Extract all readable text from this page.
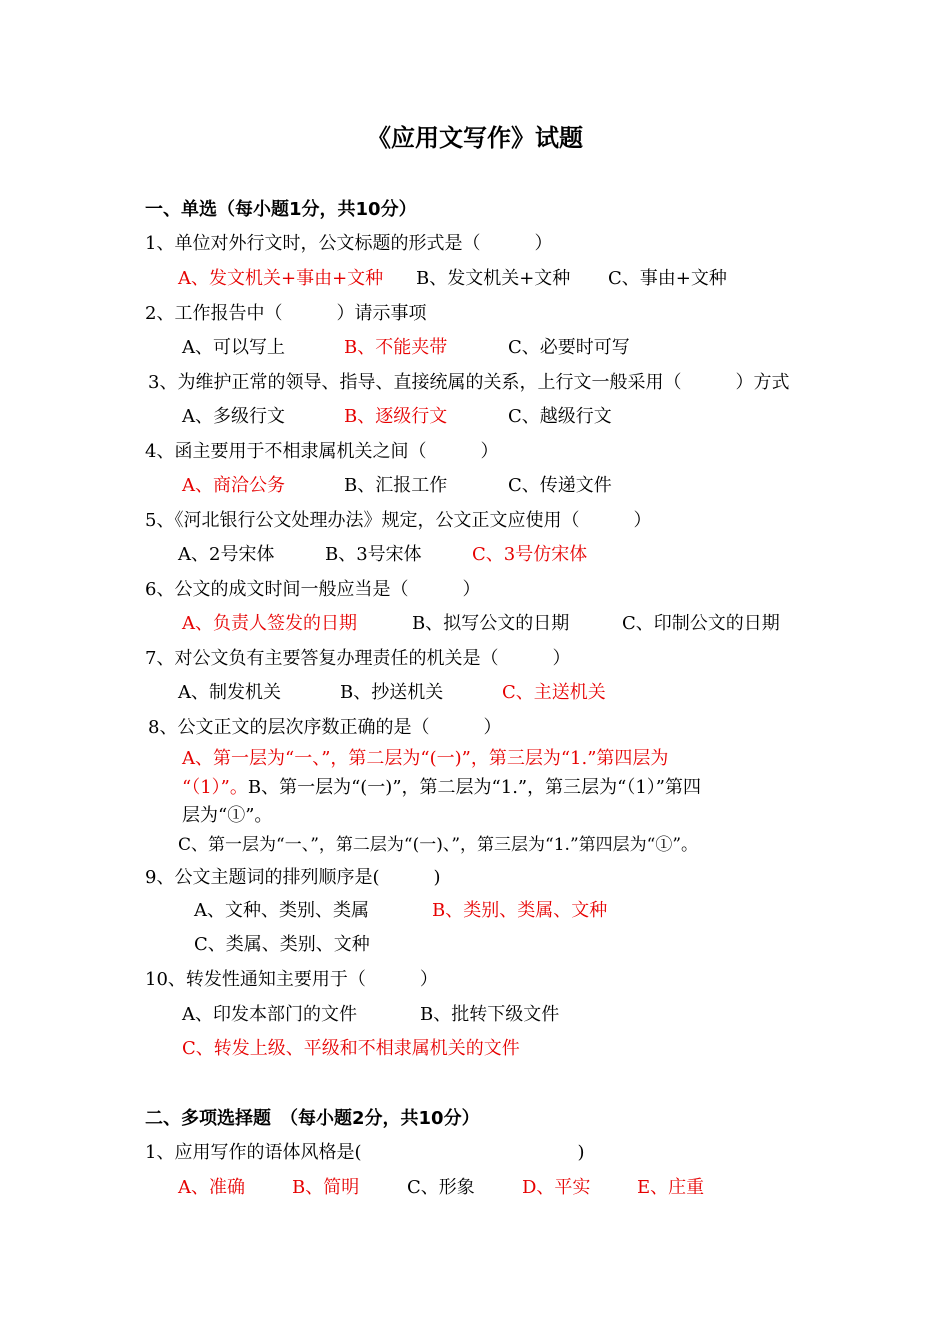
《应用文写作》试题
一、单选（每小题1分，共10分）
1、单位对外行文时，公文标题的形式是（　　　）
A、发文机关+事由+文种 B、发文机关+文种 C、事由+文种
2、工作报告中（　　　）请示事项
A、可以写上	B、不能夹带	C、必要时可写
3、为维护正常的领导、指导、直接统属的关系，上行文一般采用（　　　）方式
A、多级行文	B、逐级行文	C、越级行文
4、函主要用于不相隶属机关之间（　　　）
A、商洽公务	B、汇报工作	C、传递文件
5、《河北银行公文处理办法》规定，公文正文应使用（　　　）
A、2号宋体	B、3号宋体	C、3号仿宋体
6、公文的成文时间一般应当是（　　　）
A、负责人签发的日期	B、拟写公文的日期	C、印制公文的日期
7、对公文负有主要答复办理责任的机关是（　　　）
A、制发机关	B、抄送机关	C、主送机关
8、公文正文的层次序数正确的是（　　　）
A、第一层为“一、”，第二层为“(一)”，第三层为“1.”第四层为
“（1）”。B、第一层为“(一)”，第二层为“1.”，第三层为“（1）”第四
层为“①”。
C、第一层为“一、”，第二层为“(一)、”，第三层为“1.”第四层为“①”。
9、公文主题词的排列顺序是(　　　)
A、文种、类别、类属	B、类别、类属、文种
C、类属、类别、文种
10、转发性通知主要用于（　　　）
A、印发本部门的文件	B、批转下级文件
C、转发上级、平级和不相隶属机关的文件
二、多项选择题　（每小题2分，共10分）
1、应用写作的语体风格是(　　　　　　　　　　　　)
A、准确	B、简明	C、形象	D、平实	E、庄重
